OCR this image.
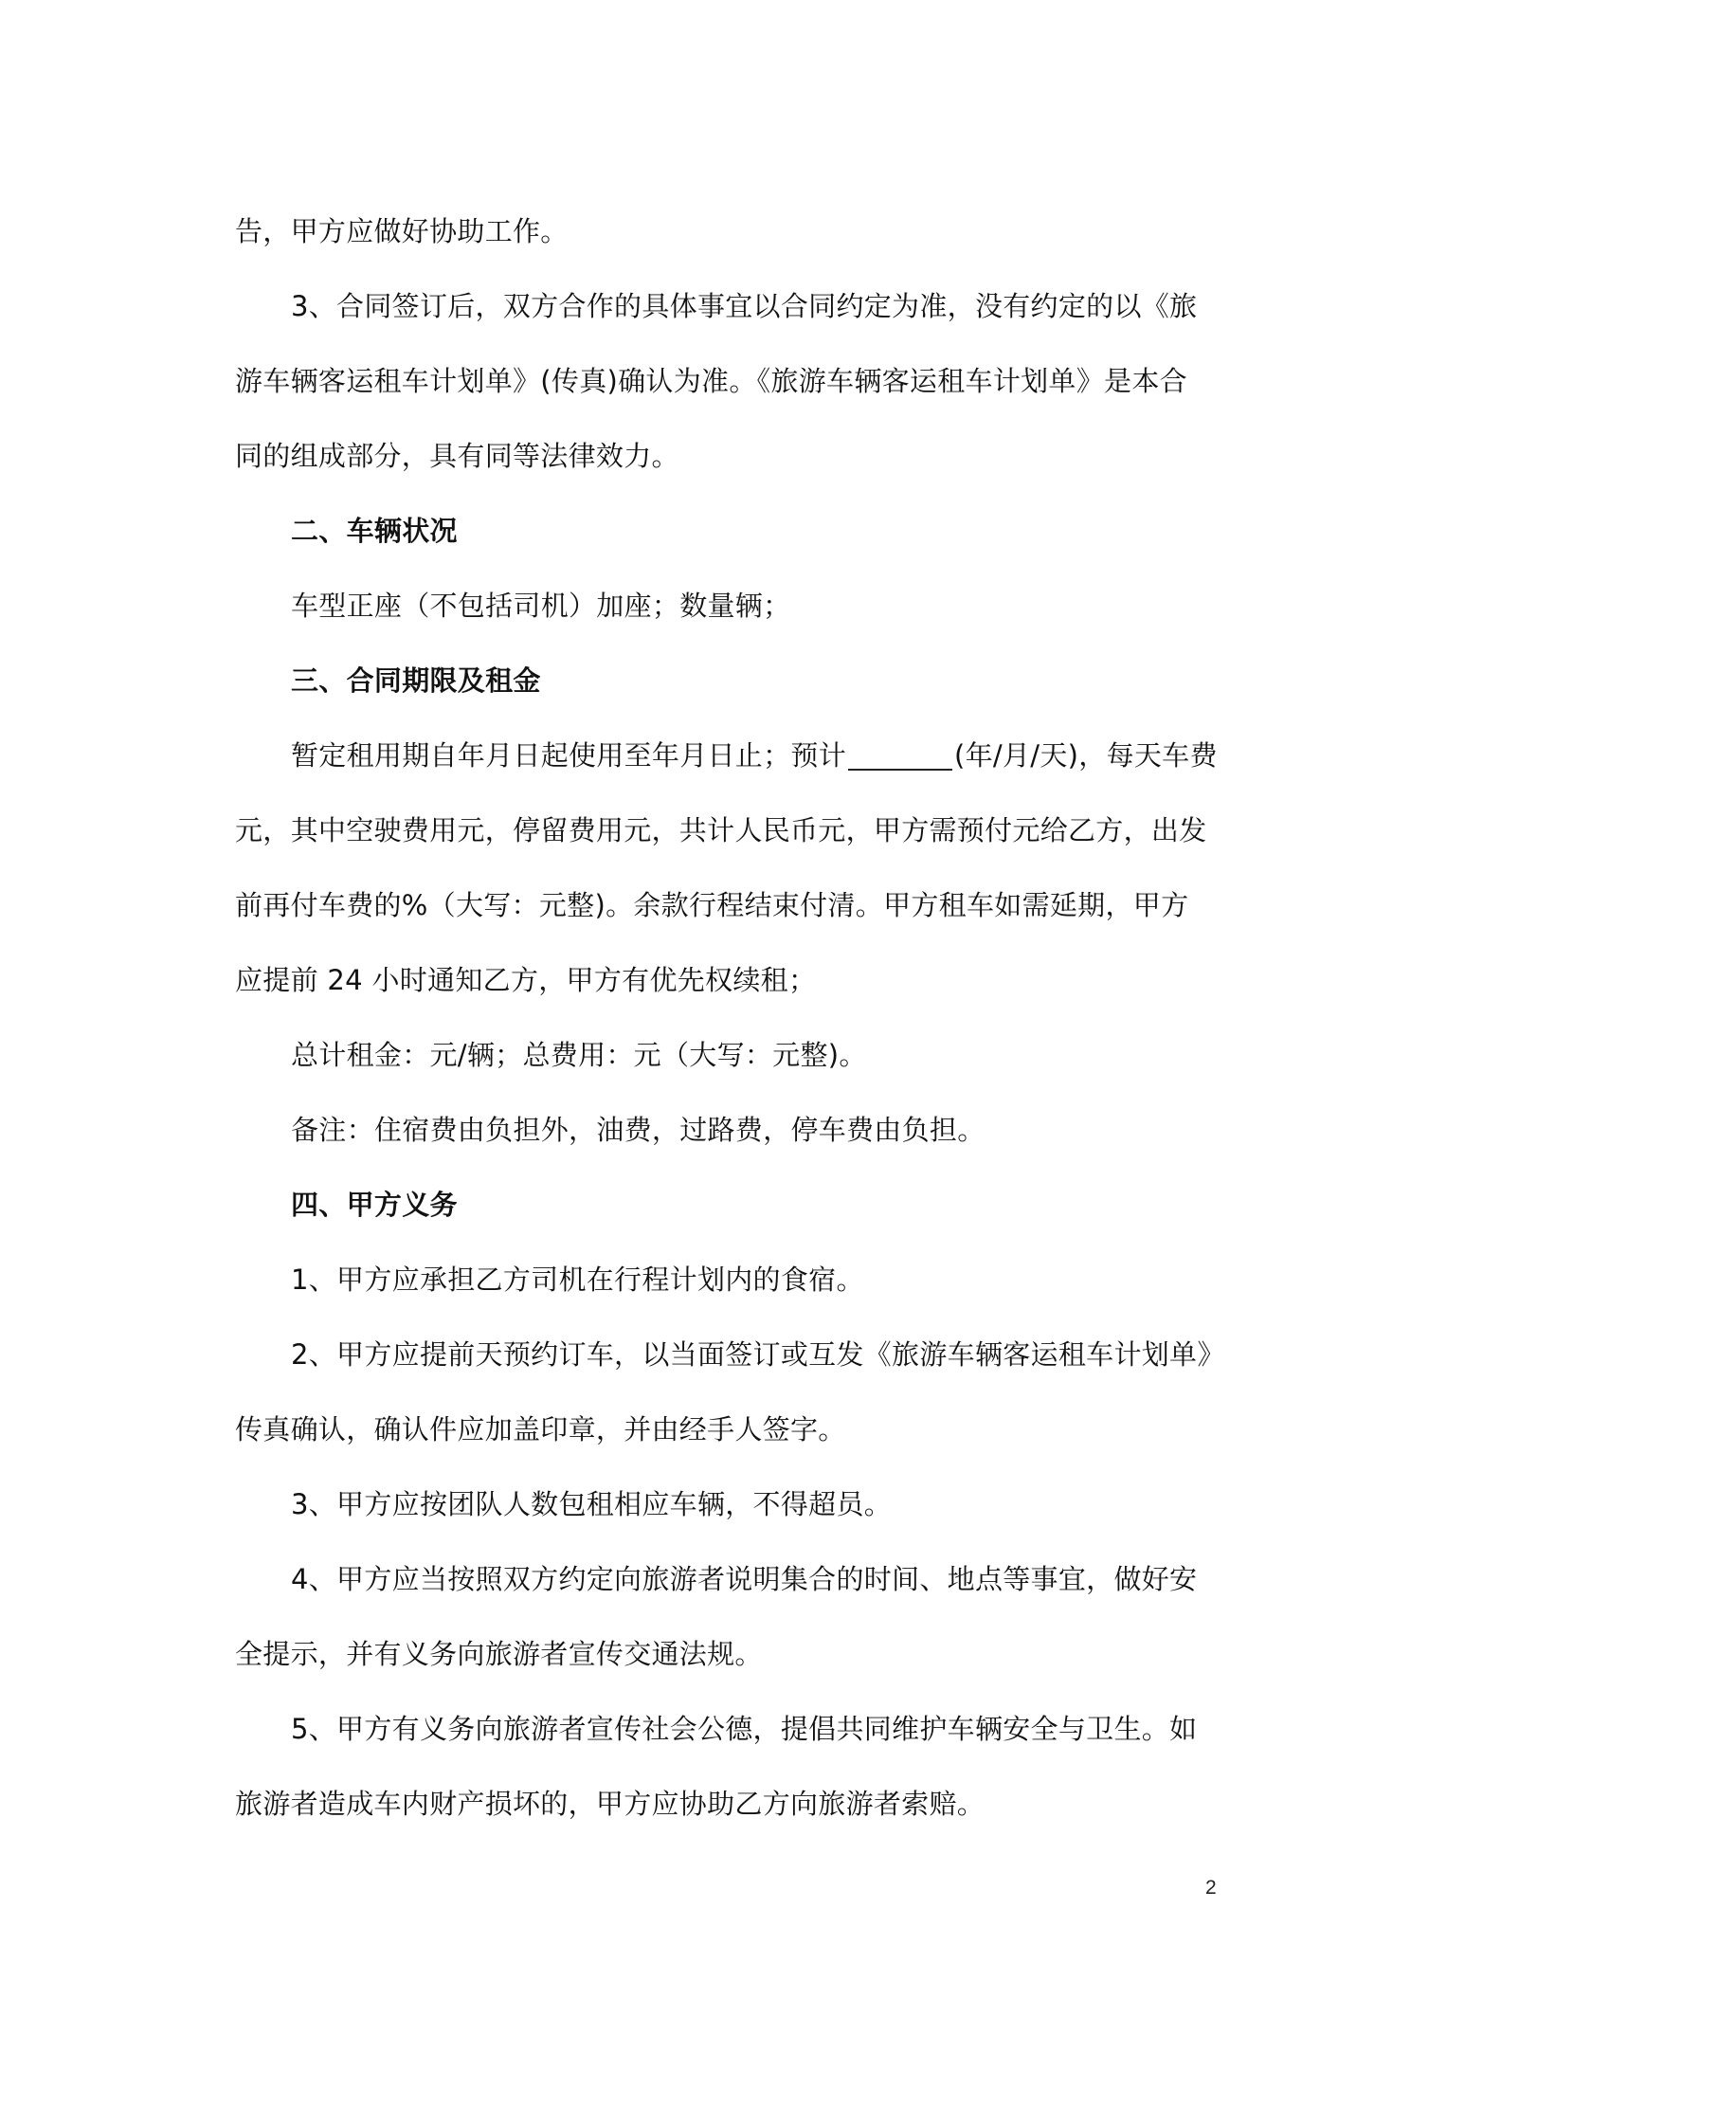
告，甲方应做好协助工作。
3、合同签订后，双方合作的具体事宜以合同约定为准，没有约定的以《旅
游车辆客运租车计划单》(传真)确认为准。《旅游车辆客运租车计划单》是本合
同的组成部分，具有同等法律效力。
二、车辆状况
车型正座（不包括司机）加座；数量辆；
三、合同期限及租金
暂定租用期自年月日起使用至年月日止；预计	(年/月/天)，每天车费
元，其中空驶费用元，停留费用元，共计人民币元，甲方需预付元给乙方，出发
前再付车费的%（大写：元整)。余款行程结束付清。甲方租车如需延期，甲方
应提前 24 小时通知乙方，甲方有优先权续租；
总计租金：元/辆；总费用：元（大写：元整)。
备注：住宿费由负担外，油费，过路费，停车费由负担。
四、甲方义务
1、甲方应承担乙方司机在行程计划内的食宿。
2、甲方应提前天预约订车，以当面签订或互发《旅游车辆客运租车计划单》
传真确认，确认件应加盖印章，并由经手人签字。
3、甲方应按团队人数包租相应车辆，不得超员。
4、甲方应当按照双方约定向旅游者说明集合的时间、地点等事宜，做好安
全提示，并有义务向旅游者宣传交通法规。
5、甲方有义务向旅游者宣传社会公德，提倡共同维护车辆安全与卫生。如
旅游者造成车内财产损坏的，甲方应协助乙方向旅游者索赔。
2
